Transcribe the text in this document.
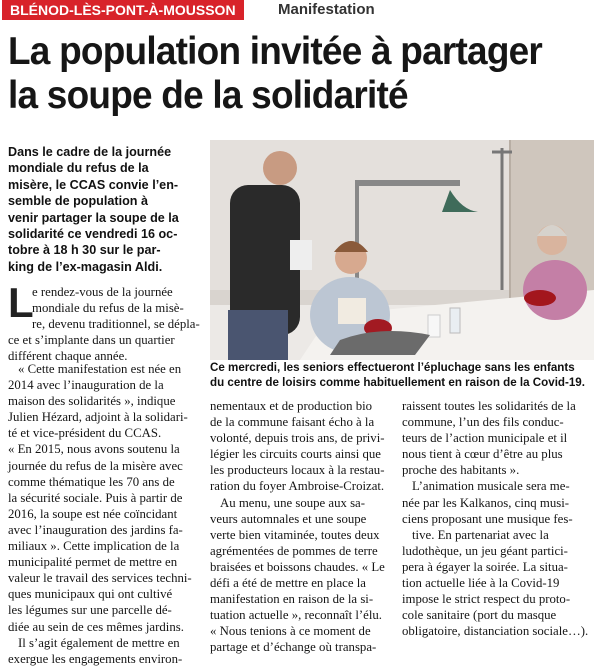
BLÉNOD-LÈS-PONT-À-MOUSSON	Manifestation
La population invitée à partager
la soupe de la solidarité
Dans le cadre de la journée
mondiale du refus de la
misère, le CCAS convie l’en-
semble de population à
venir partager la soupe de la
solidarité ce vendredi 16 oc-
tobre à 18 h 30 sur le par-
king de l’ex-magasin Aldi.
L
e rendez-vous de la journée
mondiale du refus de la misè-
re, devenu traditionnel, se dépla-
ce et s’implante dans un quartier
différent chaque année.
« Cette manifestation est née en
2014 avec l’inauguration de la
maison des solidarités », indique
Julien Hézard, adjoint à la solidari-
té et vice-président du CCAS.
« En 2015, nous avons soutenu la
journée du refus de la misère avec
comme thématique les 70 ans de
la sécurité sociale. Puis à partir de
2016, la soupe est née coïncidant
avec l’inauguration des jardins fa-
miliaux ». Cette implication de la
municipalité permet de mettre en
valeur le travail des services techni-
ques municipaux qui ont cultivé
les légumes sur une parcelle dé-
diée au sein de ces mêmes jardins.
Il s’agit également de mettre en
exergue les engagements environ-
Ce mercredi, les seniors effectueront l’épluchage sans les enfants
du centre de loisirs comme habituellement en raison de la Covid-19.
nementaux et de production bio
de la commune faisant écho à la
volonté, depuis trois ans, de privi-
légier les circuits courts ainsi que
les producteurs locaux à la restau-
ration du foyer Ambroise-Croizat.
Au menu, une soupe aux sa-
veurs automnales et une soupe
verte bien vitaminée, toutes deux
agrémentées de pommes de terre
braisées et boissons chaudes. « Le
défi a été de mettre en place la
manifestation en raison de la si-
tuation actuelle », reconnaît l’élu.
« Nous tenions à ce moment de
partage et d’échange où transpa-
raissent toutes les solidarités de la
commune, l’un des fils conduc-
teurs de l’action municipale et il
nous tient à cœur d’être au plus
proche des habitants ».
L’animation musicale sera me-
née par les Kalkanos, cinq musi-
ciens proposant une musique fes-
tive. En partenariat avec la
ludothèque, un jeu géant partici-
pera à égayer la soirée. La situa-
tion actuelle liée à la Covid-19
impose le strict respect du proto-
cole sanitaire (port du masque
obligatoire, distanciation sociale…).
